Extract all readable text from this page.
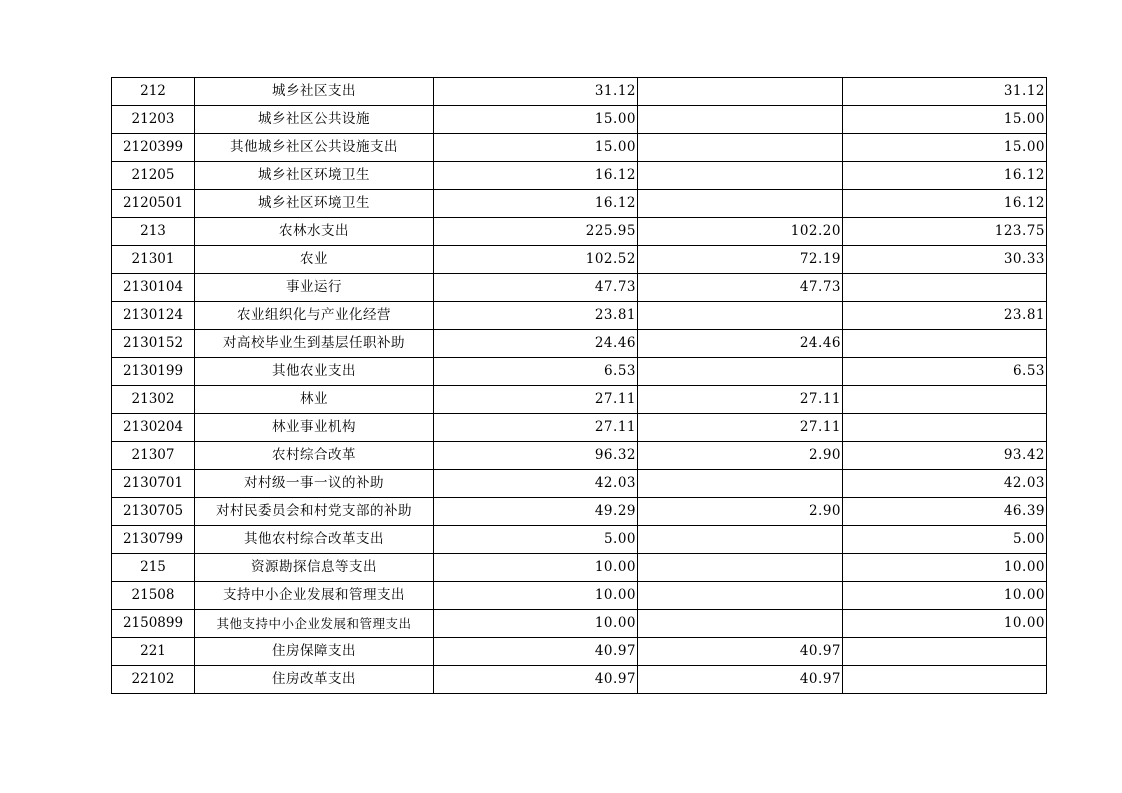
212	城乡社区支出	31.12		31.12
21203	城乡社区公共设施	15.00		15.00
2120399	其他城乡社区公共设施支出	15.00		15.00
21205	城乡社区环境卫生	16.12		16.12
2120501	城乡社区环境卫生	16.12		16.12
213	农林水支出	225.95	102.20	123.75
21301	农业	102.52	72.19	30.33
2130104	事业运行	47.73	47.73	
2130124	农业组织化与产业化经营	23.81		23.81
2130152	对高校毕业生到基层任职补助	24.46	24.46	
2130199	其他农业支出	6.53		6.53
21302	林业	27.11	27.11	
2130204	林业事业机构	27.11	27.11	
21307	农村综合改革	96.32	2.90	93.42
2130701	对村级一事一议的补助	42.03		42.03
2130705	对村民委员会和村党支部的补助	49.29	2.90	46.39
2130799	其他农村综合改革支出	5.00		5.00
215	资源勘探信息等支出	10.00		10.00
21508	支持中小企业发展和管理支出	10.00		10.00
2150899	其他支持中小企业发展和管理支出	10.00		10.00
221	住房保障支出	40.97	40.97	
22102	住房改革支出	40.97	40.97	
